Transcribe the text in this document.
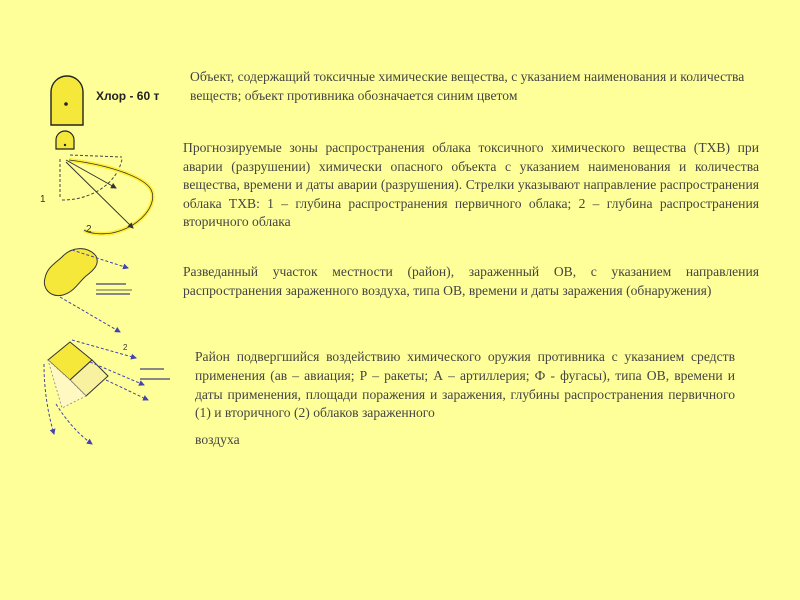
Хлор - 60 т
1
2
2

Объект, содержащий токсичные химические вещества, с указанием наименования и количества веществ; объект противника обозначается синим цветом

Прогнозируемые зоны распространения облака токсичного химического вещества (ТХВ) при аварии (разрушении) химически опасного объекта с указанием наименования и количества вещества, времени и даты аварии (разрушения). Стрелки указывают направление распространения облака ТХВ: 1 – глубина распространения первичного облака; 2 – глубина распространения вторичного облака

Разведанный участок местности (район), зараженный ОВ, с указанием направления распространения зараженного воздуха, типа ОВ, времени и даты заражения (обнаружения)

Район подвергшийся воздействию химического оружия противника с указанием средств применения (ав – авиация; Р – ракеты; А – артиллерия; Ф - фугасы), типа ОВ, времени и даты применения, площади поражения и заражения, глубины распространения первичного (1) и вторичного (2) облаков зараженного
воздуха
